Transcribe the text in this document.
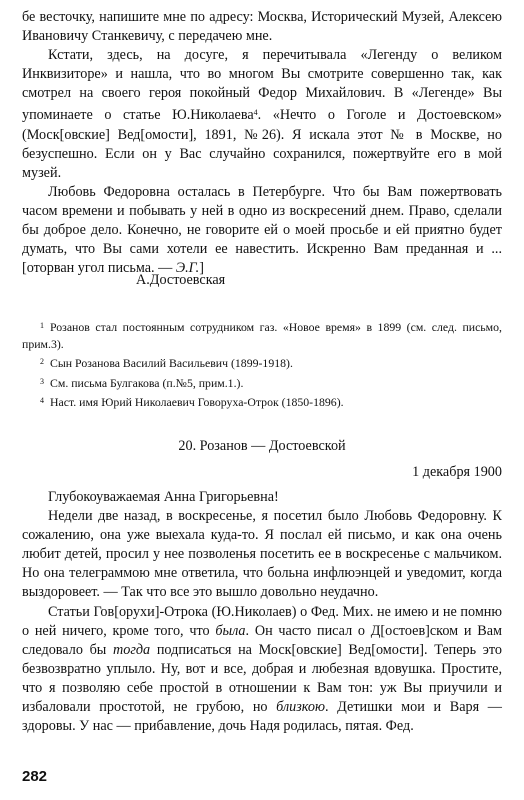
бе весточку, напишите мне по адресу: Москва, Исторический Музей, Алексею Ивановичу Станкевичу, с передачею мне.

Кстати, здесь, на досуге, я перечитывала «Легенду о великом Инквизиторе» и нашла, что во многом Вы смотрите совершенно так, как смотрел на своего героя покойный Федор Михайлович. В «Легенде» Вы упоминаете о статье Ю.Николаева$^4$. «Нечто о Гоголе и Достоевском» (Моск[овские] Вед[омости], 1891, №26). Я искала этот № в Москве, но безуспешно. Если он у Вас случайно сохранился, пожертвуйте его в мой музей.

Любовь Федоровна осталась в Петербурге. Что бы Вам пожертвовать часом времени и побывать у ней в одно из воскресений днем. Право, сделали бы доброе дело. Конечно, не говорите ей о моей просьбе и ей приятно будет думать, что Вы сами хотели ее навестить. Искренно Вам преданная и ... [оторван угол письма. — Э.Г.]

А.Достоевская

$^1$ Розанов стал постоянным сотрудником газ. «Новое время» в 1899 (см. след. письмо, прим.3).

$^2$ Сын Розанова Василий Васильевич (1899-1918).

$^3$ См. письма Булгакова (п.№5, прим.1.).

$^4$ Наст. имя Юрий Николаевич Говоруха-Отрок (1850-1896).

20. Розанов — Достоевской
1 декабря 1900

Глубокоуважаемая Анна Григорьевна!

Недели две назад, в воскресенье, я посетил было Любовь Федоровну. К сожалению, она уже выехала куда-то. Я послал ей письмо, и как она очень любит детей, просил у нее позволенья посетить ее в воскресенье с мальчиком. Но она телеграммою мне ответила, что больна инфлюэнцей и уведомит, когда выздоровеет. — Так что все это вышло довольно неудачно.

Статьи Гов[орухи]-Отрока (Ю.Николаев) о Фед. Мих. не имею и не помню о ней ничего, кроме того, что была. Он часто писал о Д[остоев]ском и Вам следовало бы тогда подписаться на Моск[овские] Вед[омости]. Теперь это безвозвратно уплыло. Ну, вот и все, добрая и любезная вдовушка. Простите, что я позволяю себе простой в отношении к Вам тон: уж Вы приучили и избаловали простотой, не грубою, но близкою. Детишки мои и Варя — здоровы. У нас — прибавление, дочь Надя родилась, пятая. Фед.

282
